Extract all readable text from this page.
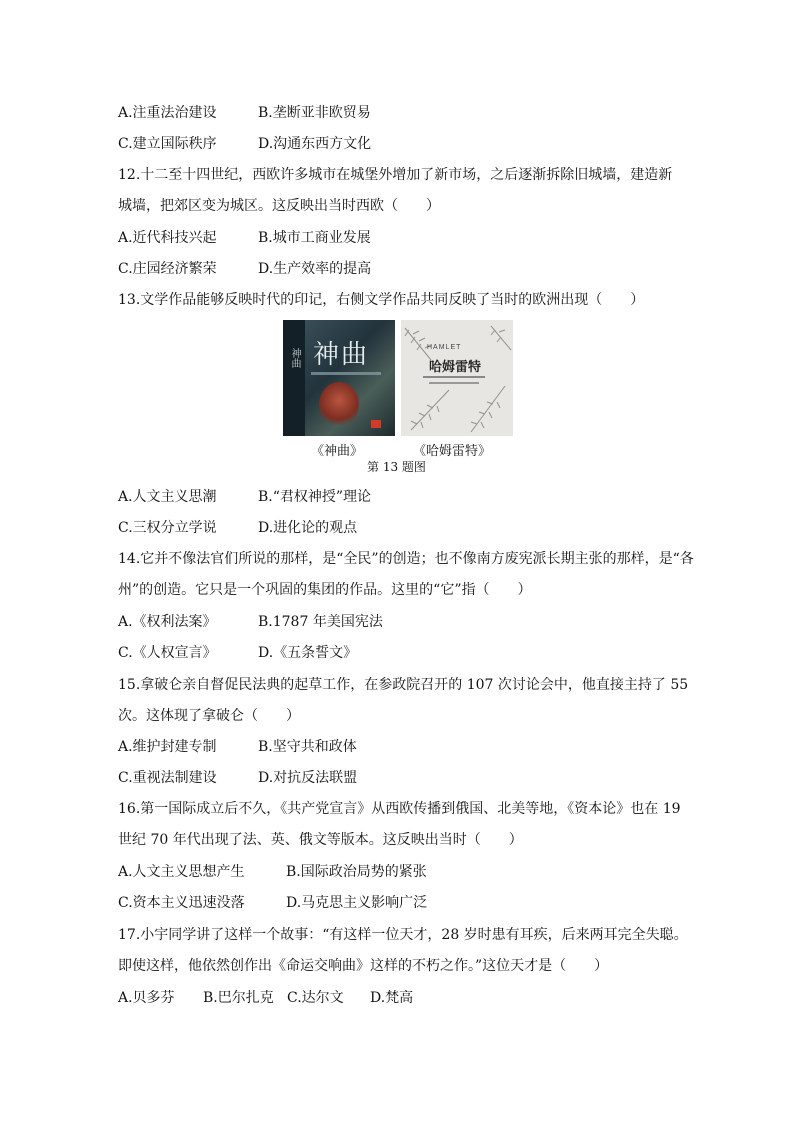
A.注重法治建设	B.垄断亚非欧贸易
C.建立国际秩序	D.沟通东西方文化
12.十二至十四世纪，西欧许多城市在城堡外增加了新市场，之后逐渐拆除旧城墙，建造新
城墙，把郊区变为城区。这反映出当时西欧（　　）
A.近代科技兴起	B.城市工商业发展
C.庄园经济繁荣	D.生产效率的提高
13.文学作品能够反映时代的印记，右侧文学作品共同反映了当时的欧洲出现（　　）
神曲 神曲	HAMLET
哈姆雷特
《神曲》	《哈姆雷特》
第 13 题图
A.人文主义思潮	B.“君权神授”理论
C.三权分立学说	D.进化论的观点
14.它并不像法官们所说的那样，是“全民”的创造；也不像南方废宪派长期主张的那样，是“各
州”的创造。它只是一个巩固的集团的作品。这里的“它”指（　　）
A.《权利法案》	B.1787 年美国宪法
C.《人权宣言》	D.《五条誓文》
15.拿破仑亲自督促民法典的起草工作，在参政院召开的 107 次讨论会中，他直接主持了 55
次。这体现了拿破仑（　　）
A.维护封建专制	B.坚守共和政体
C.重视法制建设	D.对抗反法联盟
16.第一国际成立后不久，《共产党宣言》从西欧传播到俄国、北美等地，《资本论》也在 19
世纪 70 年代出现了法、英、俄文等版本。这反映出当时（　　）
A.人文主义思想产生	B.国际政治局势的紧张
C.资本主义迅速没落	D.马克思主义影响广泛
17.小宇同学讲了这样一个故事：“有这样一位天才，28 岁时患有耳疾，后来两耳完全失聪。
即使这样，他依然创作出《命运交响曲》这样的不朽之作。”这位天才是（　　）
A.贝多芬 B.巴尔扎克 C.达尔文 D.梵高
